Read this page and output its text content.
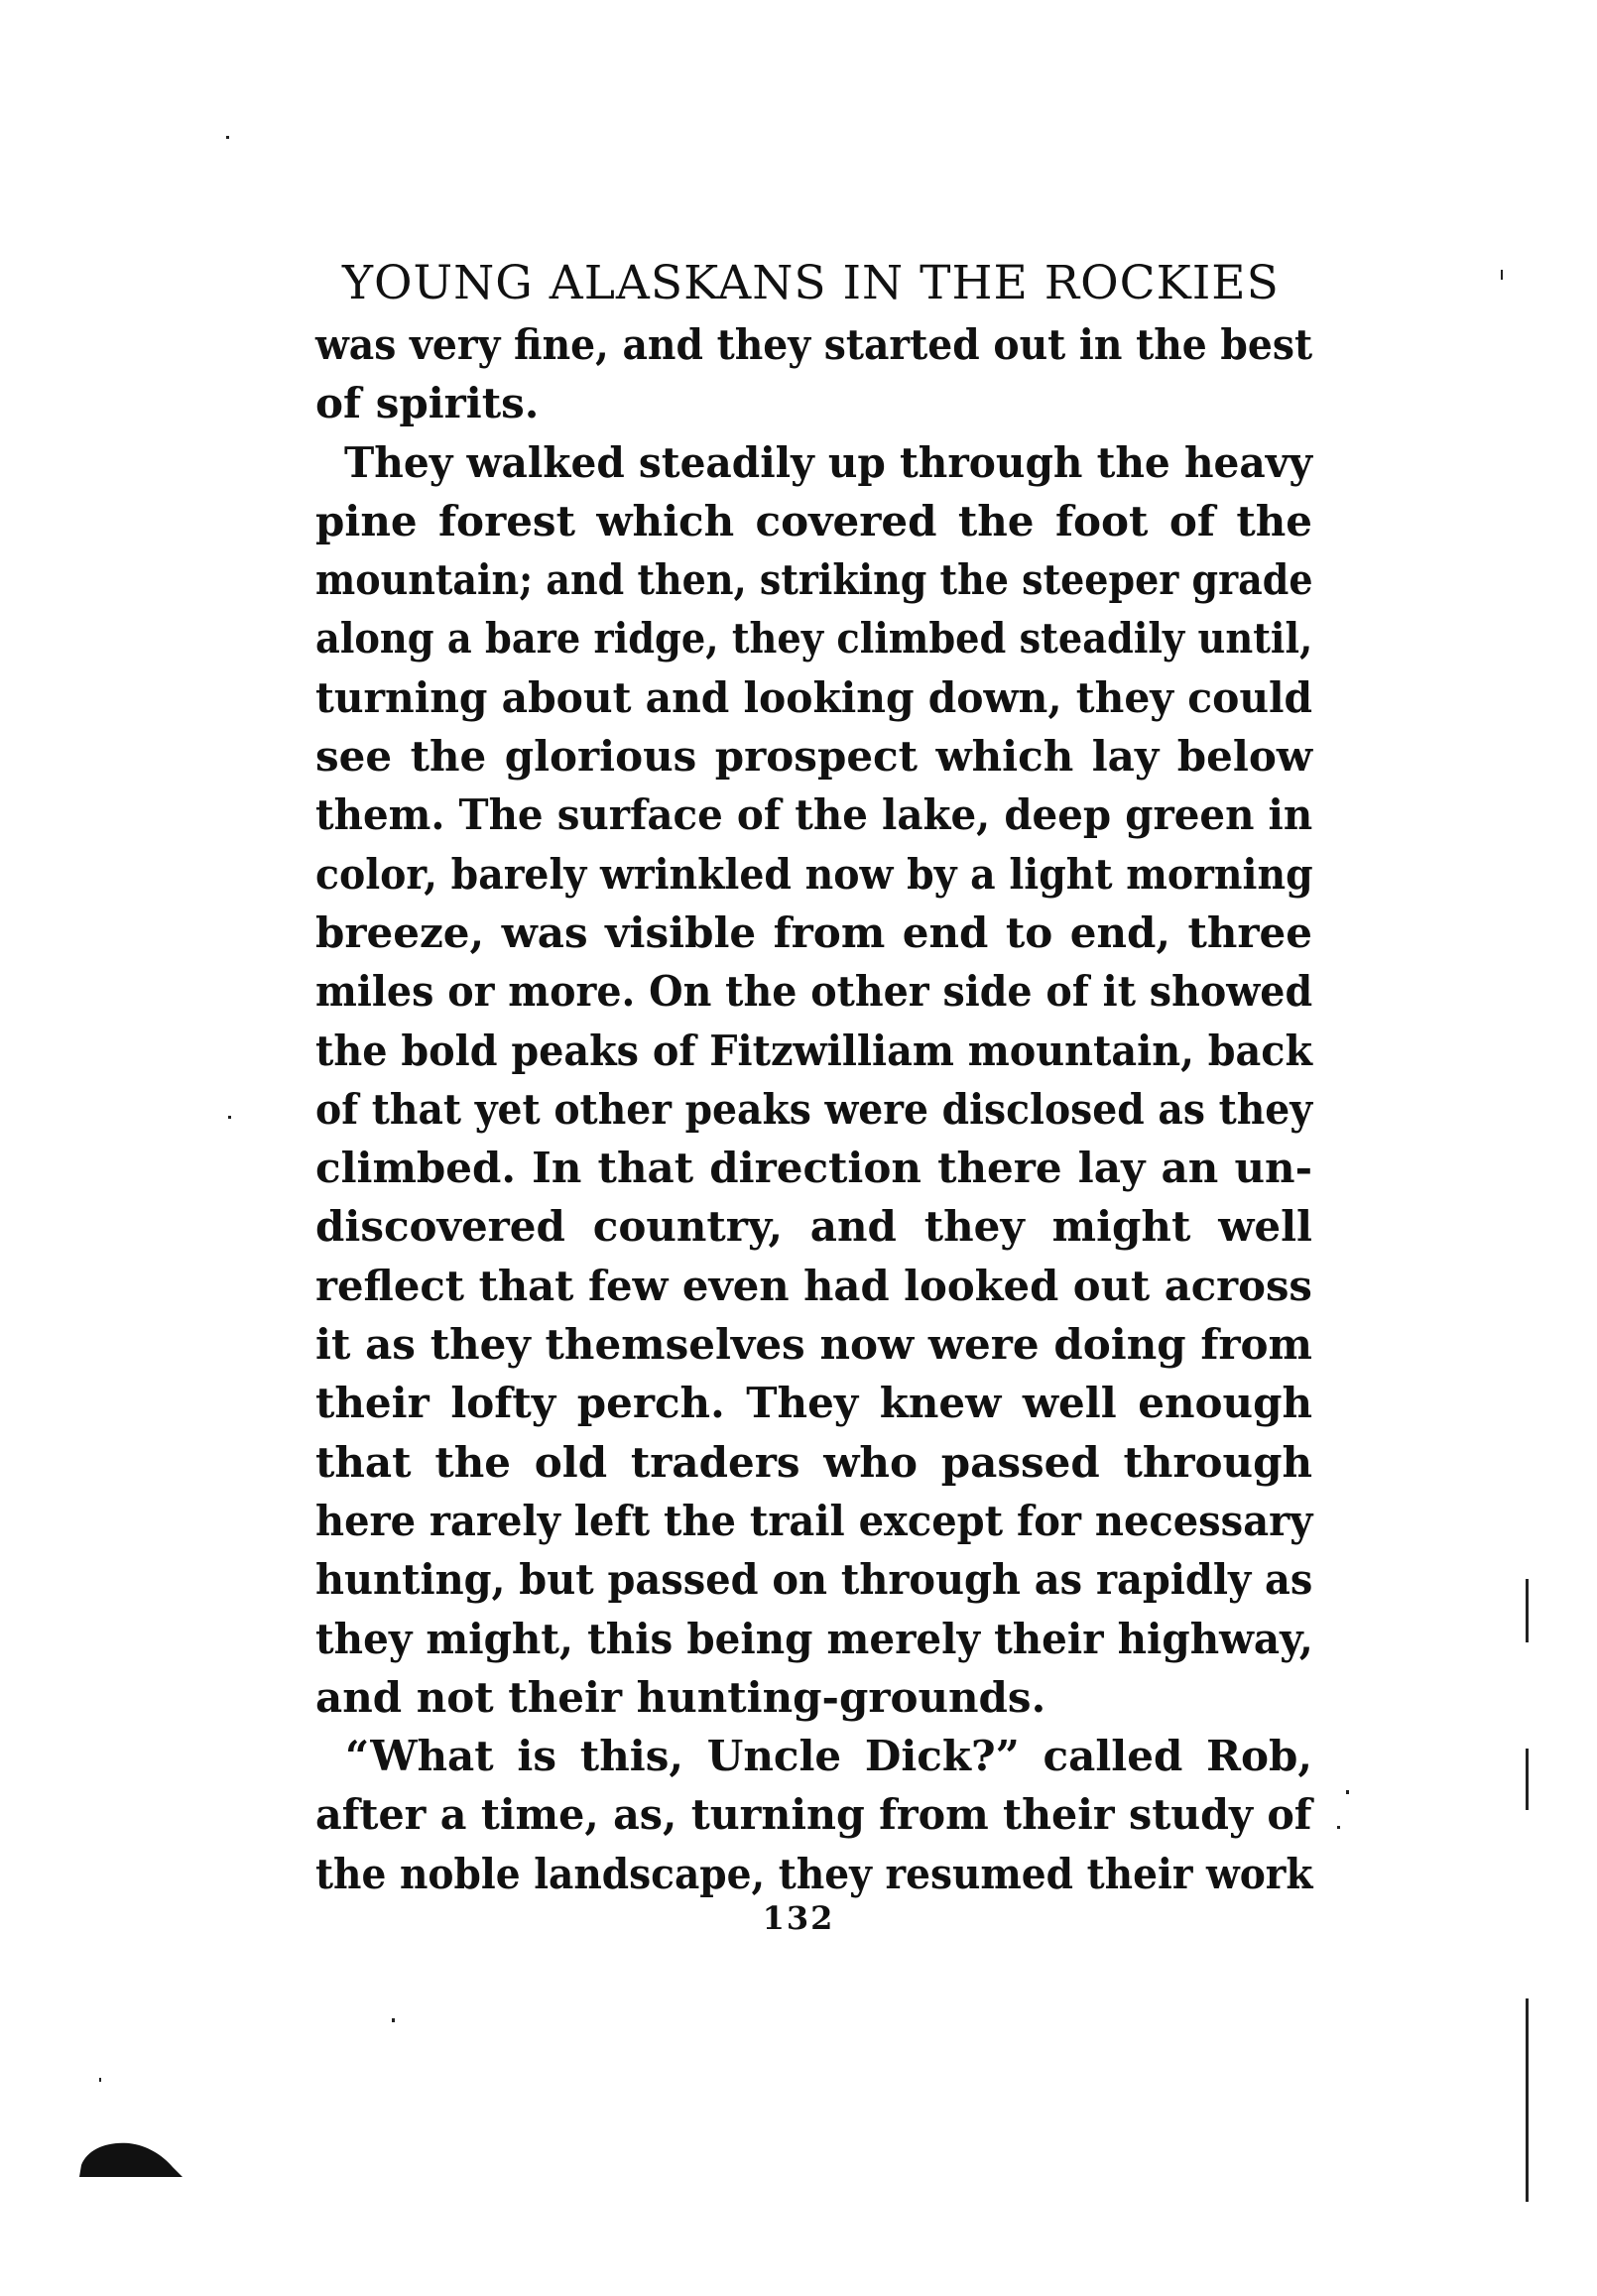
YOUNG ALASKANS IN THE ROCKIES
was very fine, and they started out in the best
of spirits.
They walked steadily up through the heavy
pine forest which covered the foot of the
mountain; and then, striking the steeper grade
along a bare ridge, they climbed steadily until,
turning about and looking down, they could
see the glorious prospect which lay below
them. The surface of the lake, deep green in
color, barely wrinkled now by a light morning
breeze, was visible from end to end, three
miles or more. On the other side of it showed
the bold peaks of Fitzwilliam mountain, back
of that yet other peaks were disclosed as they
climbed. In that direction there lay an un-
discovered country, and they might well
reflect that few even had looked out across
it as they themselves now were doing from
their lofty perch. They knew well enough
that the old traders who passed through
here rarely left the trail except for necessary
hunting, but passed on through as rapidly as
they might, this being merely their highway,
and not their hunting-grounds.
“What is this, Uncle Dick?” called Rob,
after a time, as, turning from their study of
the noble landscape, they resumed their work
132
